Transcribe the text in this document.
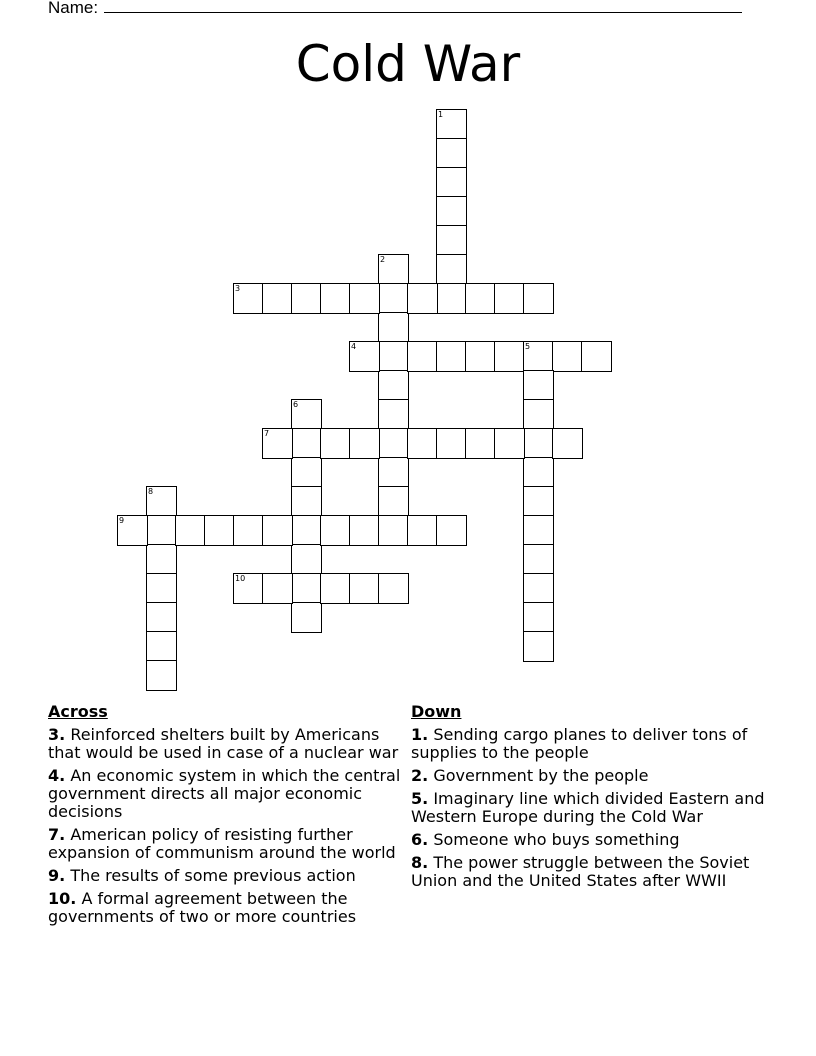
Name:
Cold War
1
2
3
4	5
6
7
8
9
10
Across
3. Reinforced shelters built by Americans that would be used in case of a nuclear war
4. An economic system in which the central government directs all major economic decisions
7. American policy of resisting further expansion of communism around the world
9. The results of some previous action
10. A formal agreement between the governments of two or more countries
Down
1. Sending cargo planes to deliver tons of supplies to the people
2. Government by the people
5. Imaginary line which divided Eastern and Western Europe during the Cold War
6. Someone who buys something
8. The power struggle between the Soviet Union and the United States after WWII
